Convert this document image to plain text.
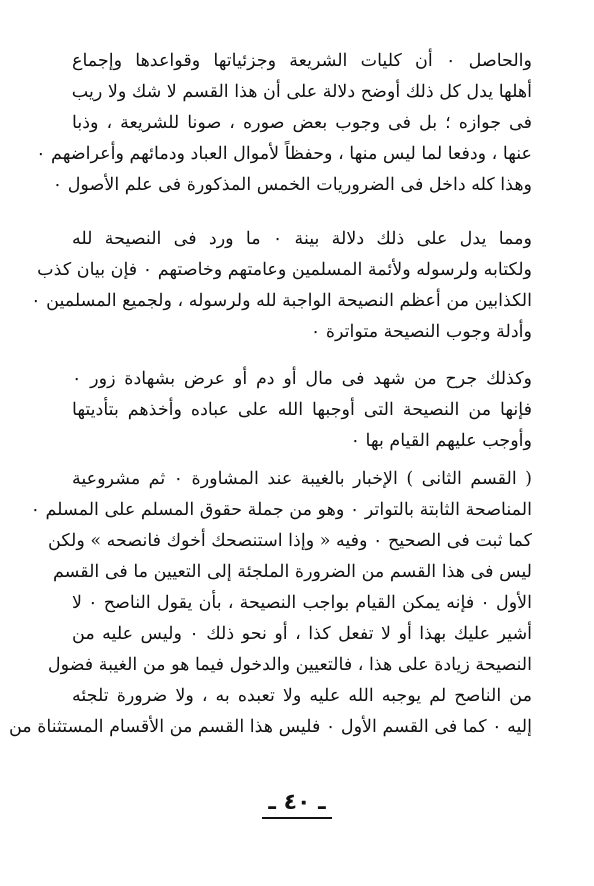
والحاصل ٠ أن كليات الشريعة وجزئياتها وقواعدها وإجماع
أهلها يدل كل ذلك أوضح دلالة على أن هذا القسم لا شك ولا ريب
فى جوازه ؛ بل فى وجوب بعض صوره ، صونا للشريعة ، وذبا
عنها ، ودفعا لما ليس منها ، وحفظاً لأموال العباد ودمائهم وأعراضهم ٠
وهذا كله داخل فى الضروريات الخمس المذكورة فى علم الأصول ٠
ومما يدل على ذلك دلالة بينة ٠ ما ورد فى النصيحة لله
ولكتابه ولرسوله ولأئمة المسلمين وعامتهم وخاصتهم ٠ فإن بيان كذب
الكذابين من أعظم النصيحة الواجبة لله ولرسوله ، ولجميع المسلمين ٠
وأدلة وجوب النصيحة متواترة ٠
وكذلك جرح من شهد فى مال أو دم أو عرض بشهادة زور ٠
فإنها من النصيحة التى أوجبها الله على عباده وأخذهم بتأديتها
وأوجب عليهم القيام بها ٠
( القسم الثانى ) الإخبار بالغيبة عند المشاورة ٠ ثم مشروعية
المناصحة الثابتة بالتواتر ٠ وهو من جملة حقوق المسلم على المسلم ٠
كما ثبت فى الصحيح ٠ وفيه « وإذا استنصحك أخوك فانصحه » ولكن
ليس فى هذا القسم من الضرورة الملجئة إلى التعيين ما فى القسم
الأول ٠ فإنه يمكن القيام بواجب النصيحة ، بأن يقول الناصح ٠ لا
أشير عليك بهذا أو لا تفعل كذا ، أو نحو ذلك ٠ وليس عليه من
النصيحة زيادة على هذا ، فالتعيين والدخول فيما هو من الغيبة فضول
من الناصح لم يوجبه الله عليه ولا تعبده به ، ولا ضرورة تلجئه
إليه ٠ كما فى القسم الأول ٠ فليس هذا القسم من الأقسام المستثناة من
ـ ٤٠ ـ
